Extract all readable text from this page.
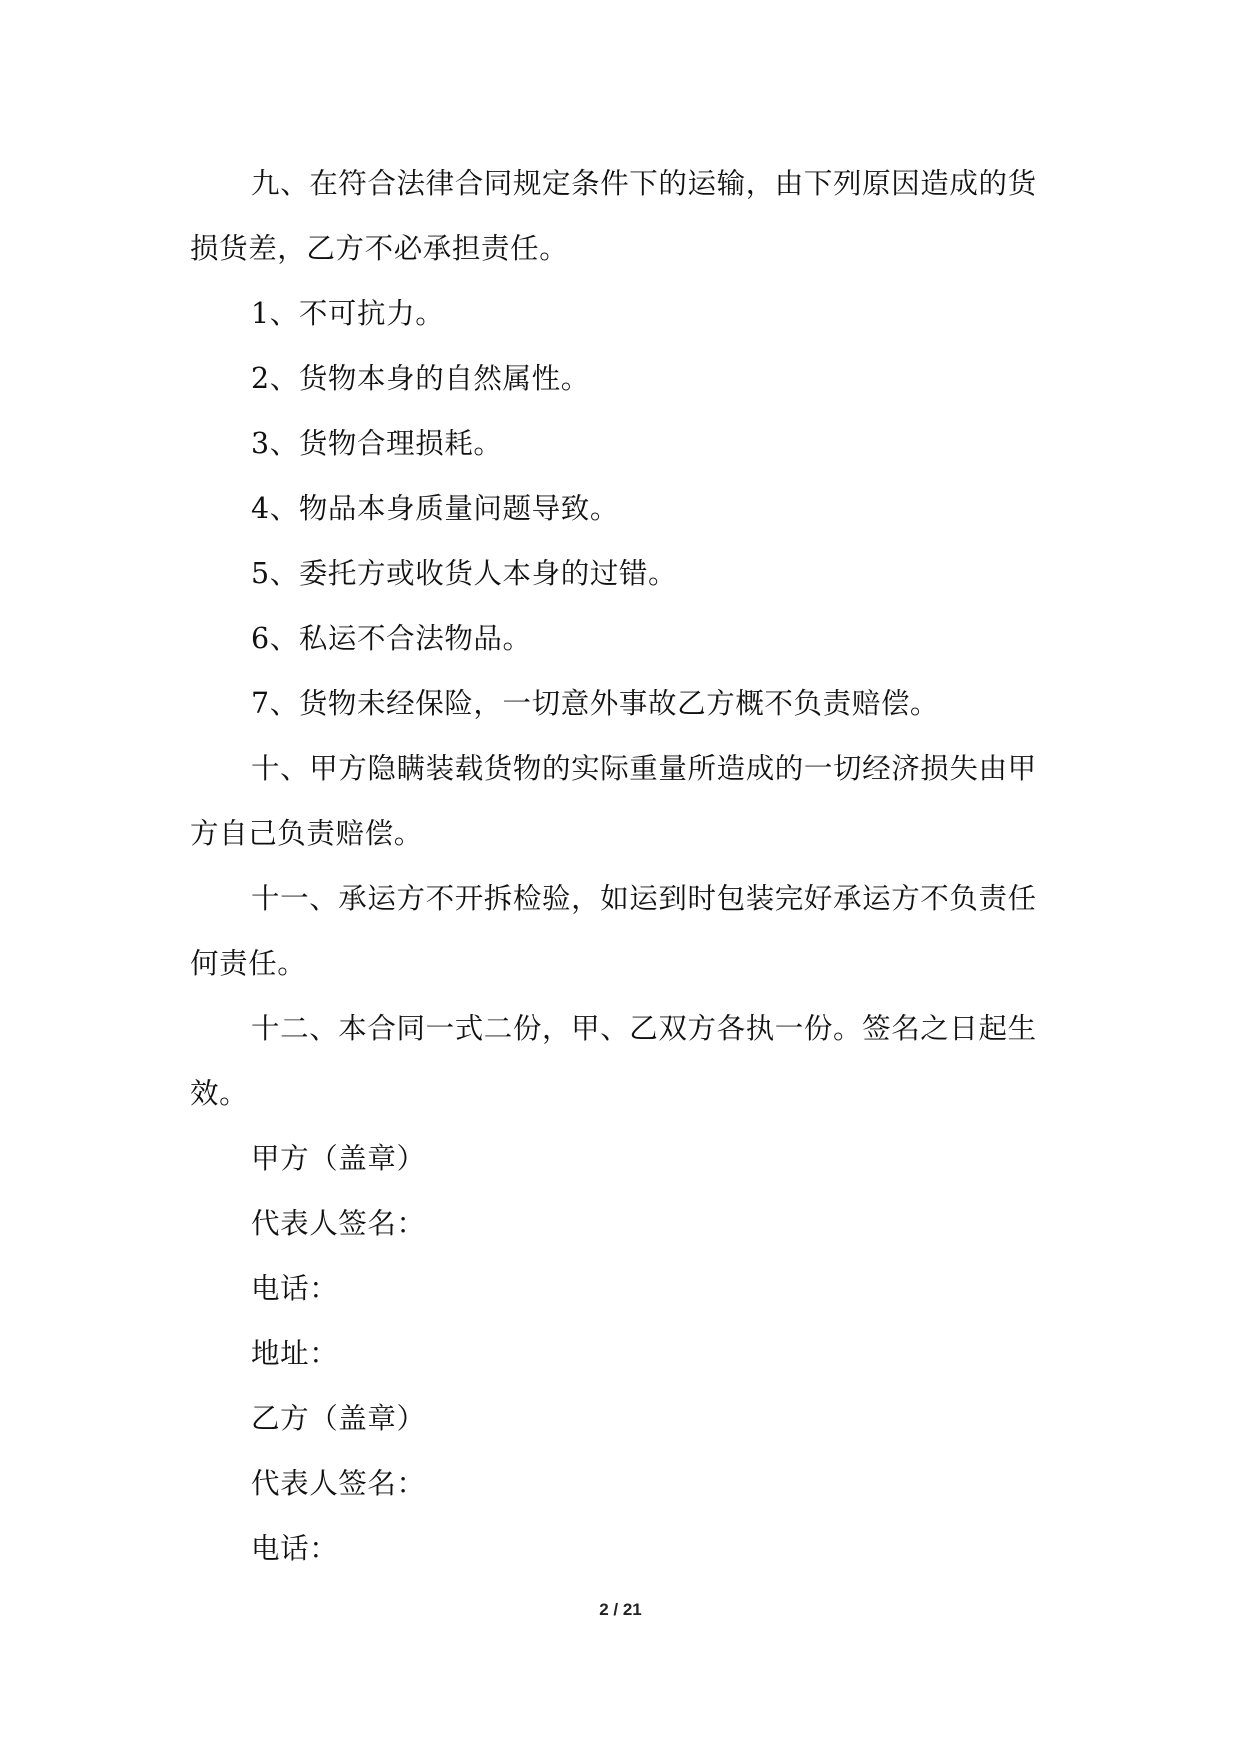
九、在符合法律合同规定条件下的运输，由下列原因造成的货损货差，乙方不必承担责任。

1、不可抗力。

2、货物本身的自然属性。

3、货物合理损耗。

4、物品本身质量问题导致。

5、委托方或收货人本身的过错。

6、私运不合法物品。

7、货物未经保险，一切意外事故乙方概不负责赔偿。

十、甲方隐瞒装载货物的实际重量所造成的一切经济损失由甲方自己负责赔偿。

十一、承运方不开拆检验，如运到时包装完好承运方不负责任何责任。

十二、本合同一式二份，甲、乙双方各执一份。签名之日起生效。

甲方（盖章）

代表人签名：

电话：

地址：

乙方（盖章）

代表人签名：

电话：

2 / 21
